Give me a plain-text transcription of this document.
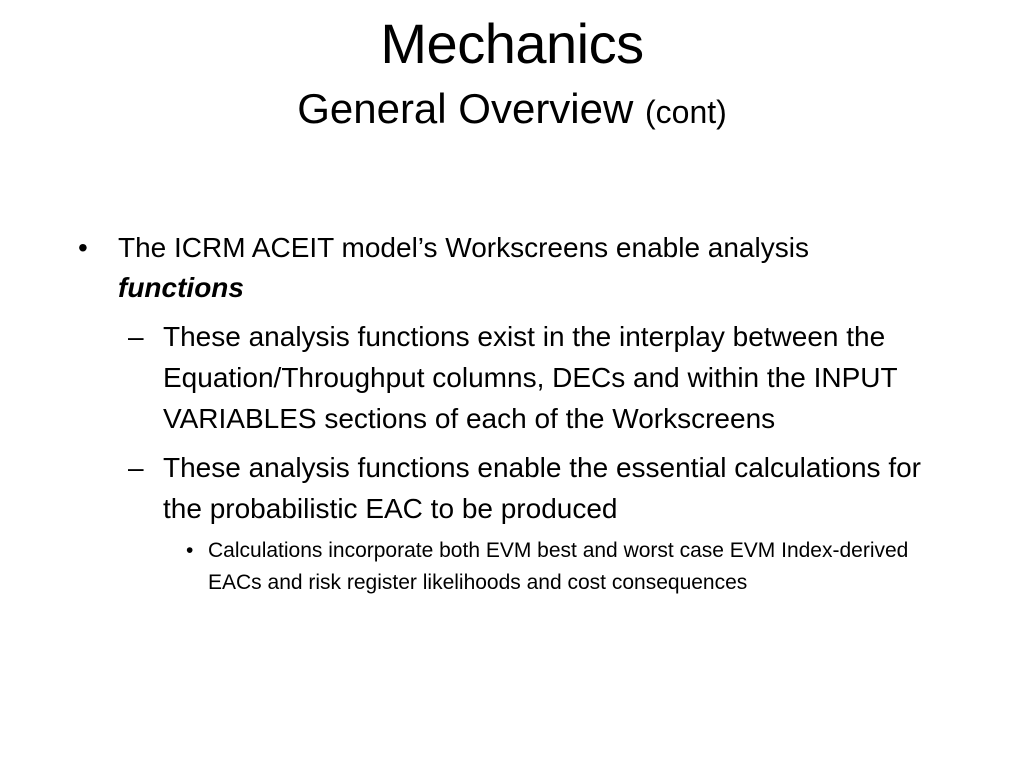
Mechanics
General Overview (cont)
• The ICRM ACEIT model’s Workscreens enable analysis
functions
– These analysis functions exist in the interplay between the Equation/Throughput columns, DECs and within the INPUT VARIABLES sections of each of the Workscreens
– These analysis functions enable the essential calculations for the probabilistic EAC to be produced
• Calculations incorporate both EVM best and worst case EVM Index-derived EACs and risk register likelihoods and cost consequences
